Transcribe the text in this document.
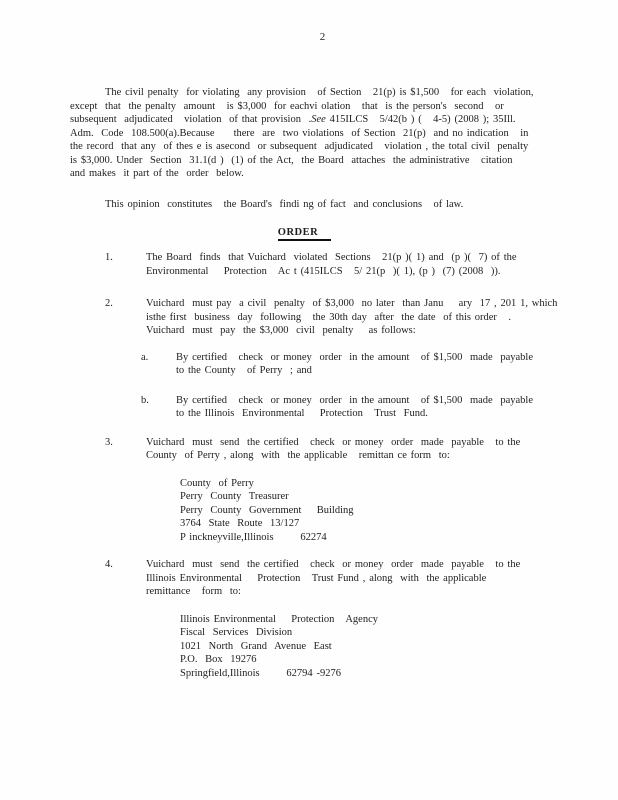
2
The civil penalty  for violating  any provision   of Section   21(p) is $1,500   for each  violation,
except  that  the penalty  amount   is $3,000  for eachvi olation   that  is the person's  second   or
subsequent  adjudicated   violation  of that provision  .See 415ILCS   5/42(b ) (   4-5) (2008 ); 35Ill.
Adm.  Code  108.500(a).Because     there  are  two violations  of Section  21(p)  and no indication   in
the record  that any  of thes e is asecond  or subsequent  adjudicated   violation , the total civil  penalty
is $3,000. Under  Section  31.1(d )  (1) of the Act,  the Board  attaches  the administrative   citation
and makes  it part of the  order  below.
This opinion  constitutes   the Board's  findi ng of fact  and conclusions   of law.
ORDER
1.	The Board  finds  that Vuichard  violated  Sections   21(p )( 1) and  (p )(  7) of the
Environmental    Protection   Ac t (415ILCS   5/ 21(p  )( 1), (p )  (7) (2008  )).
2.	Vuichard  must pay  a civil  penalty  of $3,000  no later  than Janu    ary  17 , 201 1, which
isthe first  business  day  following   the 30th day  after  the date  of this order   .
Vuichard  must  pay  the $3,000  civil  penalty    as follows:
a.	By certified   check  or money  order  in the amount   of $1,500  made  payable
to the County   of Perry  ; and
b.	By certified   check  or money  order  in the amount   of $1,500  made  payable
to the Illinois  Environmental    Protection   Trust  Fund.
3.	Vuichard  must  send  the certified   check  or money  order  made  payable   to the
County  of Perry , along  with  the applicable   remittan ce form  to:
County  of Perry
Perry  County  Treasurer
Perry  County  Government    Building
3764  State  Route  13/127
P inckneyville,Illinois       62274
4.	Vuichard  must  send  the certified   check  or money  order  made  payable   to the
Illinois Environmental    Protection   Trust Fund , along  with  the applicable
remittance   form  to:
Illinois Environmental    Protection   Agency
Fiscal  Services  Division
1021  North  Grand  Avenue  East
P.O.  Box  19276
Springfield,Illinois       62794 -9276
